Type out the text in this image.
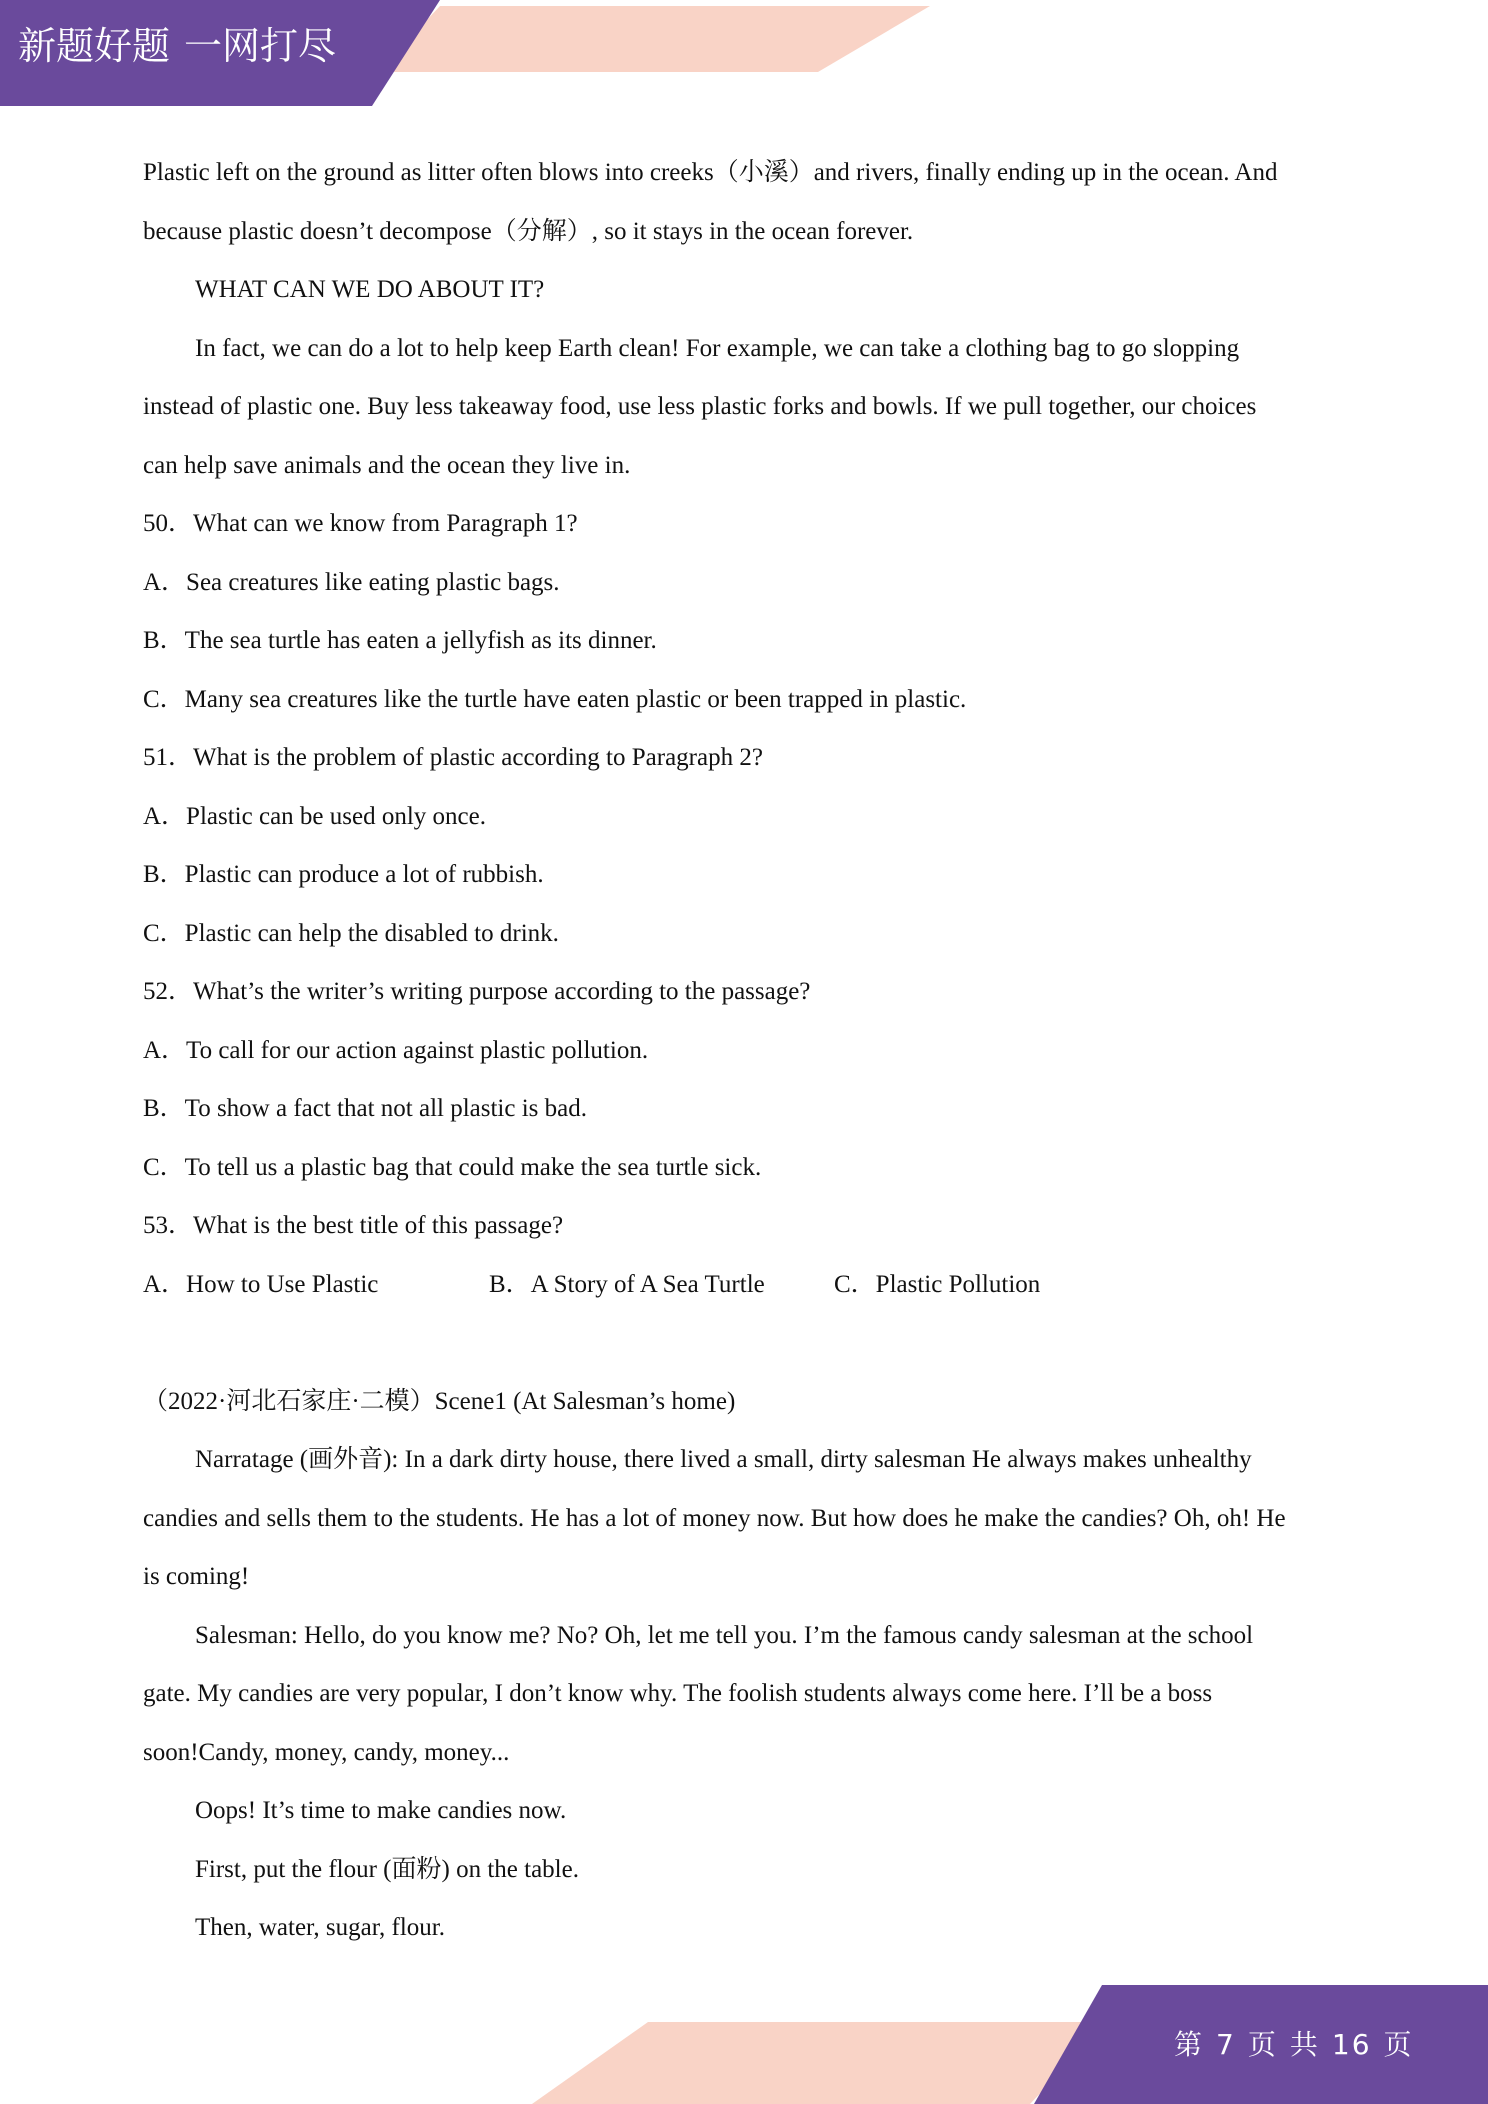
新题好题 一网打尽

Plastic left on the ground as litter often blows into creeks（小溪）and rivers, finally ending up in the ocean. And

because plastic doesn’t decompose（分解）, so it stays in the ocean forever.

WHAT CAN WE DO ABOUT IT?

In fact, we can do a lot to help keep Earth clean! For example, we can take a clothing bag to go slopping

instead of plastic one. Buy less takeaway food, use less plastic forks and bowls. If we pull together, our choices

can help save animals and the ocean they live in.

50．What can we know from Paragraph 1?

A．Sea creatures like eating plastic bags.

B．The sea turtle has eaten a jellyfish as its dinner.

C．Many sea creatures like the turtle have eaten plastic or been trapped in plastic.

51．What is the problem of plastic according to Paragraph 2?

A．Plastic can be used only once.

B．Plastic can produce a lot of rubbish.

C．Plastic can help the disabled to drink.

52．What’s the writer’s writing purpose according to the passage?

A．To call for our action against plastic pollution.

B．To show a fact that not all plastic is bad.

C．To tell us a plastic bag that could make the sea turtle sick.

53．What is the best title of this passage?

A．How to Use Plastic	B．A Story of A Sea Turtle	C．Plastic Pollution

（2022·河北石家庄·二模）Scene1 (At Salesman’s home)

Narratage (画外音): In a dark dirty house, there lived a small, dirty salesman He always makes unhealthy

candies and sells them to the students. He has a lot of money now. But how does he make the candies? Oh, oh! He

is coming!

Salesman: Hello, do you know me? No? Oh, let me tell you. I’m the famous candy salesman at the school

gate. My candies are very popular, I don’t know why. The foolish students always come here. I’ll be a boss

soon!Candy, money, candy, money...

Oops! It’s time to make candies now.

First, put the flour (面粉) on the table.

Then, water, sugar, flour.

第 7 页 共 16 页
